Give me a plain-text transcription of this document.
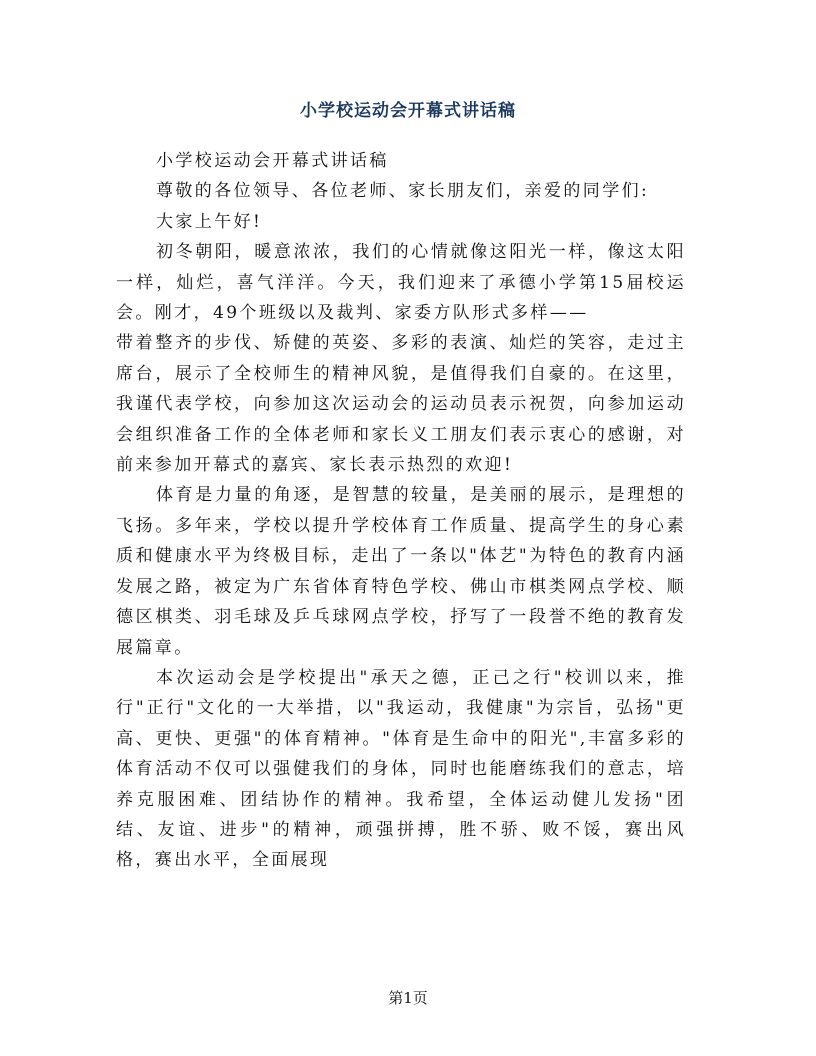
小学校运动会开幕式讲话稿

小学校运动会开幕式讲话稿

尊敬的各位领导、各位老师、家长朋友们，亲爱的同学们:

大家上午好!

初冬朝阳，暖意浓浓，我们的心情就像这阳光一样，像这太阳一样，灿烂，喜气洋洋。今天，我们迎来了承德小学第15届校运会。刚才，49个班级以及裁判、家委方队形式多样——

带着整齐的步伐、矫健的英姿、多彩的表演、灿烂的笑容，走过主席台，展示了全校师生的精神风貌，是值得我们自豪的。在这里，我谨代表学校，向参加这次运动会的运动员表示祝贺，向参加运动会组织准备工作的全体老师和家长义工朋友们表示衷心的感谢，对前来参加开幕式的嘉宾、家长表示热烈的欢迎!

体育是力量的角逐，是智慧的较量，是美丽的展示，是理想的飞扬。多年来，学校以提升学校体育工作质量、提高学生的身心素质和健康水平为终极目标，走出了一条以"体艺"为特色的教育内涵发展之路，被定为广东省体育特色学校、佛山市棋类网点学校、顺德区棋类、羽毛球及乒乓球网点学校，抒写了一段誉不绝的教育发展篇章。

本次运动会是学校提出"承天之德，正己之行"校训以来，推行"正行"文化的一大举措，以"我运动，我健康"为宗旨，弘扬"更高、更快、更强"的体育精神。"体育是生命中的阳光",丰富多彩的体育活动不仅可以强健我们的身体，同时也能磨练我们的意志，培养克服困难、团结协作的精神。我希望，全体运动健儿发扬"团结、友谊、进步"的精神，顽强拼搏，胜不骄、败不馁，赛出风格，赛出水平，全面展现

第1页
